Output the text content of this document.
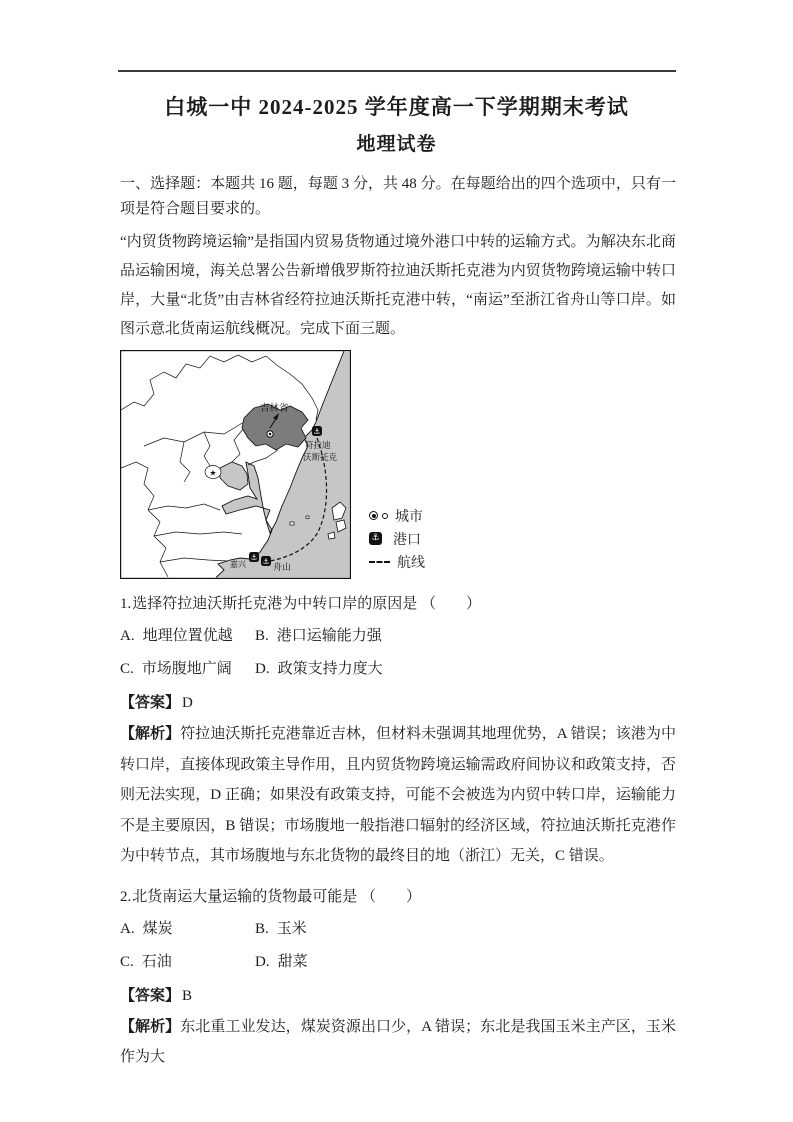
白城一中 2024-2025 学年度高一下学期期末考试
地理试卷

一、选择题：本题共 16 题，每题 3 分，共 48 分。在每题给出的四个选项中，只有一项是符合题目要求的。

“内贸货物跨境运输”是指国内贸易货物通过境外港口中转的运输方式。为解决东北商品运输困境，海关总署公告新增俄罗斯符拉迪沃斯托克港为内贸货物跨境运输中转口岸，大量“北货”由吉林省经符拉迪沃斯托克港中转，“南运”至浙江省舟山等口岸。如图示意北货南运航线概况。完成下面三题。

★
吉林省
⚓
符拉迪
沃斯托克
⚓ ⚓
嘉兴	舟山
城市
⚓ 港口
航线

1.选择符拉迪沃斯托克港为中转口岸的原因是 （　　）

A. 地理位置优越	B. 港口运输能力强
C. 市场腹地广阔	D. 政策支持力度大

【答案】 D

【解析】符拉迪沃斯托克港靠近吉林，但材料未强调其地理优势，A 错误；该港为中转口岸，直接体现政策主导作用，且内贸货物跨境运输需政府间协议和政策支持，否则无法实现，D 正确；如果没有政策支持，可能不会被选为内贸中转口岸，运输能力不是主要原因，B 错误；市场腹地一般指港口辐射的经济区域，符拉迪沃斯托克港作为中转节点，其市场腹地与东北货物的最终目的地（浙江）无关，C 错误。

2.北货南运大量运输的货物最可能是 （　　）

A. 煤炭	B. 玉米
C. 石油	D. 甜菜

【答案】 B

【解析】东北重工业发达，煤炭资源出口少，A 错误；东北是我国玉米主产区，玉米作为大
